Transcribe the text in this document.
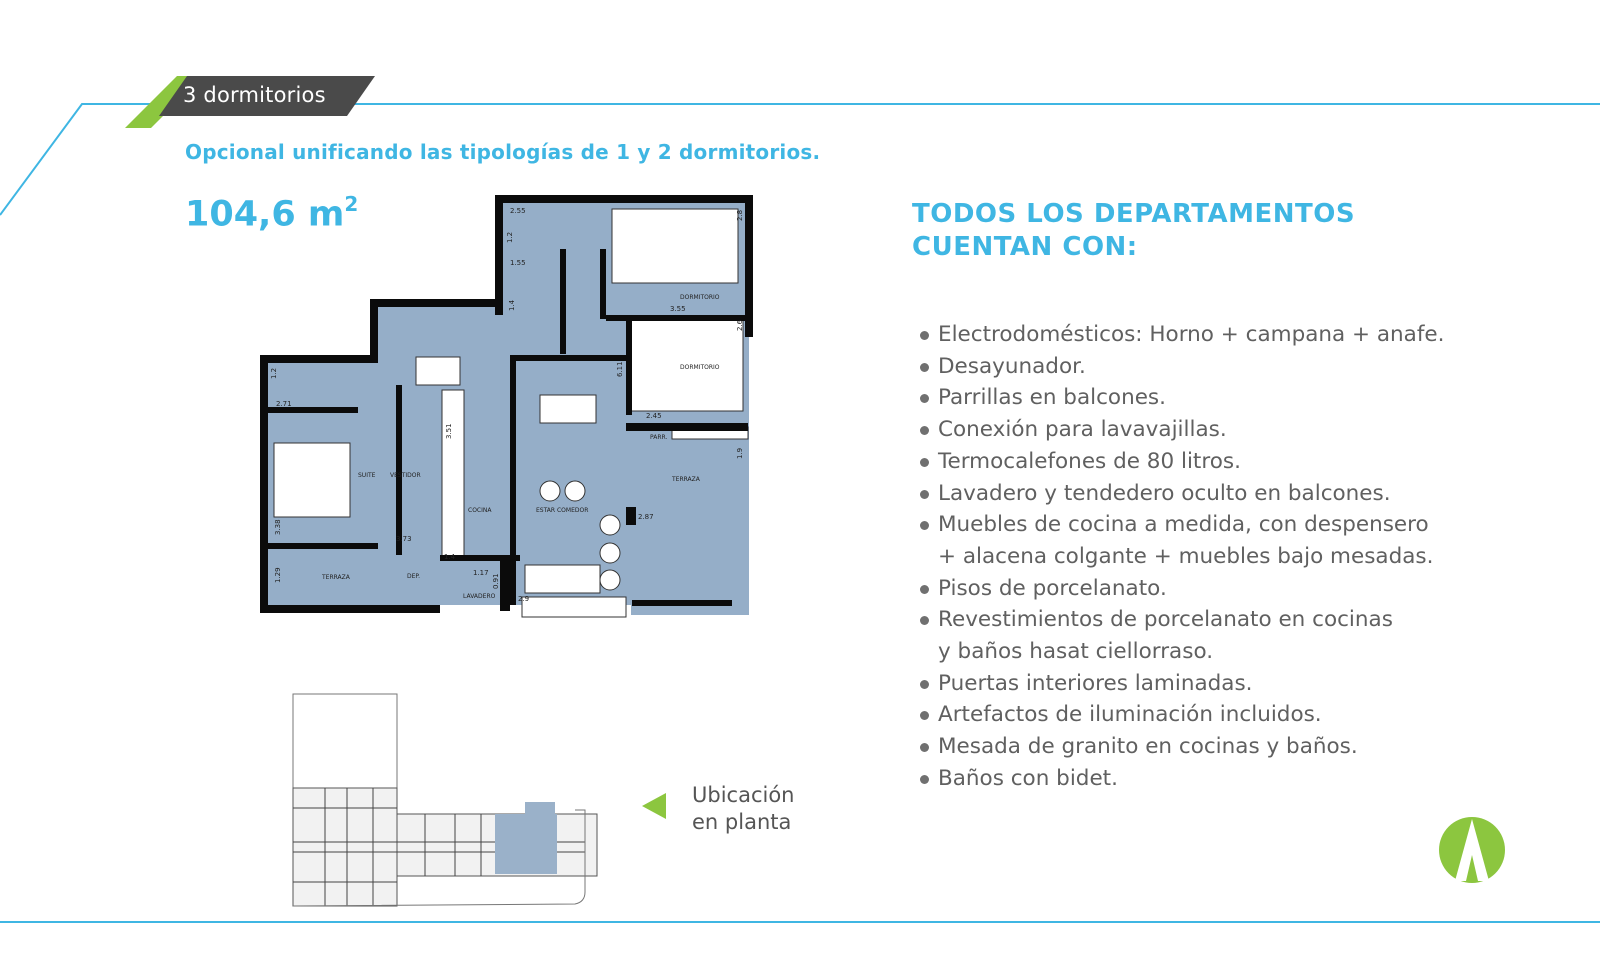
3 dormitorios
Opcional unificando las tipologías de 1 y 2 dormitorios.
104,6 $m^2$
SUITE VESTIDOR
COCINA	ESTAR COMEDOR
DORMITORIO
DORMITORIO
TERRAZA
TERRAZA
LAVADERO
DEP.
PARR.
2.55
1.2
1.55
2.8
3.55
2.6
6.11
2.45
1.9
1.2
2.71
3.51
3.38
3.73
1.29
1.4
1.4
1.17
0.91
2.9
2.87
Ubicación
en planta
TODOS LOS DEPARTAMENTOS
CUENTAN CON:
Electrodomésticos: Horno + campana + anafe.
Desayunador.
Parrillas en balcones.
Conexión para lavavajillas.
Termocalefones de 80 litros.
Lavadero y tendedero oculto en balcones.
Muebles de cocina a medida, con despensero
+ alacena colgante + muebles bajo mesadas.
Pisos de porcelanato.
Revestimientos de porcelanato en cocinas
y baños hasat ciellorraso.
Puertas interiores laminadas.
Artefactos de iluminación incluidos.
Mesada de granito en cocinas y baños.
Baños con bidet.
